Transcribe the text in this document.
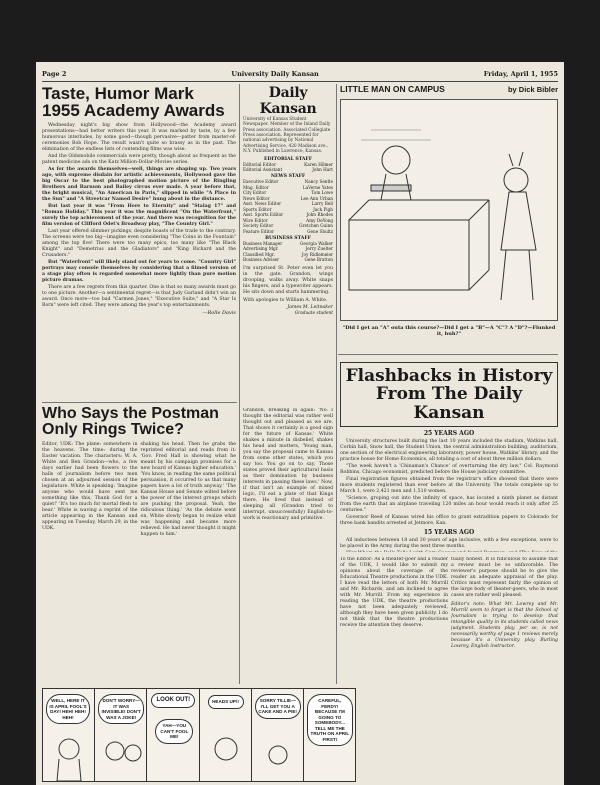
Page 2	University Daily Kansan	Friday, April 1, 1955
Taste, Humor Mark 1955 Academy Awards

Wednesday night's big show from Hollywood—the Academy award presentations—had better writers this year. It was marked by taste, by a few humorous interludes, by some good—though pervasive—patter from master-of-ceremonies Bob Hope. The result wasn't quite so brassy as in the past. The elimination of the endless lists of contending films was wise.

And the Oldsmobile commercials were pretty, though about as frequent as the patent medicine ads on the Katz Million-Dollar-Movies series.

As for the awards themselves—well, things are shaping up. Two years ago, with supreme disdain for artistic achievements, Hollywood gave the big Oscar to the best photographed motion picture of the Ringling Brothers and Barnum and Bailey circus ever made. A year before that, the bright musical, "An American in Paris," slipped in while "A Place in the Sun" and "A Streetcar Named Desire" hung about in the distance.

But last year it was "From Here to Eternity" and "Stalag 17" and "Roman Holiday." This year it was the magnificent "On the Waterfront," surely the top achievement of the year. And there was recognition for the film version of Clifford Odet's Broadway play, "The Country Girl."

Last year offered slimmer pickings, despite boasts of the trade to the contrary. The screens were too big—imagine even considering "The Coins in the Fountain" among the top five! There were too many epics, too many like "The Black Knight" and "Demetrius and the Gladiators" and "King Richard and the Crusaders."

But "Waterfront" will likely stand out for years to come. "Country Girl" portrays may console themselves by considering that a filmed version of a stage play often is regarded somewhat more lightly than pure motion picture dramas.

There are a few regrets from this quarter. One is that so many awards must go to one picture. Another—a sentimental regret—is that Judy Garland didn't win an award. Once more—too bad "Carmen Jones," "Executive Suite," and "A Star Is Born" were left cited. They were among the year's top entertainments.

—Rolle Davis
Who Says the Postman Only Rings Twice?
Editor, UDK: The plane: somewhere in the heavens. The time: during the Easter vacation. The characters: W. A. White and Ben Grandon—who, a few days earlier had been flowers to the halls of journalism before two men chosen at an adjourned session of the legislature. White is speaking: 'Imagine anyone who would have sent me something like this, Thank God for a quiet!' 'It's too much for mortal flesh to bear.' White is waving a reprint of the article appearing in the Kansan and appearing on Tuesday, March 29, in the UDK.
shaking his head. Then he grabs the reprinted editorial and reads from it: 'Gov. Fred Hall is showing what he meant by his campaign promises for a new board of Kansas higher education.' 'You know, in reading the same political persuasion, it occurred to us that many papers have a lot of truth anyway.' 'The Kansas House and Senate wilted before the power of the interest groups which are pushing the proposal. Yeah, the ridiculous thing.' 'As the debate went on, White slowly began to realize what was happening and became more relieved. He had never thought it might happen to him.'
Daily Kansan
University of Kansas Student Newspaper. Member of the Inland Daily Press association. Associated Collegiate Press association. Represented for national advertising by National Advertising Service, 420 Madison ave., N.Y. Published in Lawrence, Kansas.
EDITORIAL STAFF
Editorial Editor	Karen Hilmer
Editorial Assistant	John Hart
NEWS STAFF
Executive Editor	Nancy Sentle
Mng. Editor	LaVerne Yates
City Editor	Tom Lowe
News Editor	Lee Ann Urban
Asst. News Editor	Larry Bell
Sports Editor	Jack Pigh
Asst. Sports Editor	John Rhodes
Wire Editor	Amy DeYong
Society Editor	Gretchen Guinn
Feature Editor	Gene Shultz
BUSINESS STAFF
Business Manager	Georgia Walker
Advertising Mgr.	Jerry Zuelter
Classified Mgr.	Joy Ridlemeier
Business Adviser	Gene Bratton
I'm surprised St. Peter even let you in the gate. Grandon, wings drooping, walks away. White snaps his fingers, and a typewriter appears. He sits down and starts hammering.
With apologies to William A. White.
James M. Leitnaker
Graduate student
Grandon, breaking in again: 'No. I thought the editorial was rather well thought out and pleased as we are. That shows it certainly is a good sign for the future of Kansas.' White shakes a minute in disbelief, shakes his head and mutters, 'Young man, you say the proposal came to Kansas from some other states, which you say too. You go on to say, Those states proved their agricultural basis as their domination by business interests in passing these laws.' Now, if that isn't an example of mixed logic, I'll eat a plate of that Kings there. He lived that instead of sleeping all (Grandon tried to interrupt, unsuccessfully) English-to-work is reactionary and primitive.
LITTLE MAN ON CAMPUS	by Dick Bibler
"Did I get an "A" outa this course?—Did I get a "B"—A "C"? A "D"?—Flunked it, huh?"
Flashbacks in History From The Daily Kansan
25 YEARS AGO

University structures built during the last 10 years included the stadium, Watkins hall, Corbin hall, Snow hall, the Student Union, the central administration building, auditorium, one section of the electrical engineering laboratory, power house, Watkins' library, and the practice house for Home Economics, all totaling a cost of about three million dollars.

"The week haven't a 'Chinaman's Chance' of overturning the dry law," Col. Raymond Robbins, Chicago economist, predicted before the House judiciary committee.

Final registration figures obtained from the registrar's office showed that there were more students registered than ever before at the University. The totals complete up to March 1, were 2,421 men and 1,510 women.

"Science, groping out into the infinity of space, has located a ninth planet as distant from the earth that an airplane traveling 120 miles an hour would reach it only after 25 centuries."

Governor Reed of Kansas wired his office to grant extradition papers to Colorado for three bank bandits arrested at Jetmore, Kan.

15 YEARS AGO

All inductees between 18 and 30 years of age inclusive, with a few exceptions, were to be placed in the Army during the next three months.

To the Editor: As a theater-goer and a reader of the UDK, I would like to submit my opinions about the coverage of the Educational Theatre productions in the UDK. I have read the letters of both Mr. Murrill and Mr. Richards, and am inclined to agree with Mr. Murrill. From my experience in reading the UDK, the theatre productions have not been adequately reviewed, although they have been given publicity. I do not think that the theatre productions receive the attention they deserve.
tually honest. It is ridiculous to assume that a review must be so unfavorable. The reviewer's purpose should be to give the reader an adequate appraisal of the play. Critics must represent fairly the opinion of the large body of theater-goers, who in most cases are rather well pleased.
Editor's note: What Mr. Lowrey and Mr. Murrill seem to forget is that the School of Journalism is trying to develop that intangible quality in its students called news judgment. Students play, per se, is not necessarily worthy of page 1 reviews merely because it's a University play. Burling Lowrey, English instructor.
WELL, HERE IT IS APRIL FOOL'S DAY! HEH! HEH! HEH!
DON'T WORRY—IT WAS INVISIBLE! DON'T WAS A JOKE!
LOOK OUT!
YAH—YOU CAN'T FOOL ME!
HEADS UP!!	SORRY TILLIE—I'LL GET YOU A CAKE AND A PIE!
CAREFUL, FERDY! BECAUSE I'M GOING TO SOMEBODY... TELL ME THE TRUTH ON APRIL FIRST!
